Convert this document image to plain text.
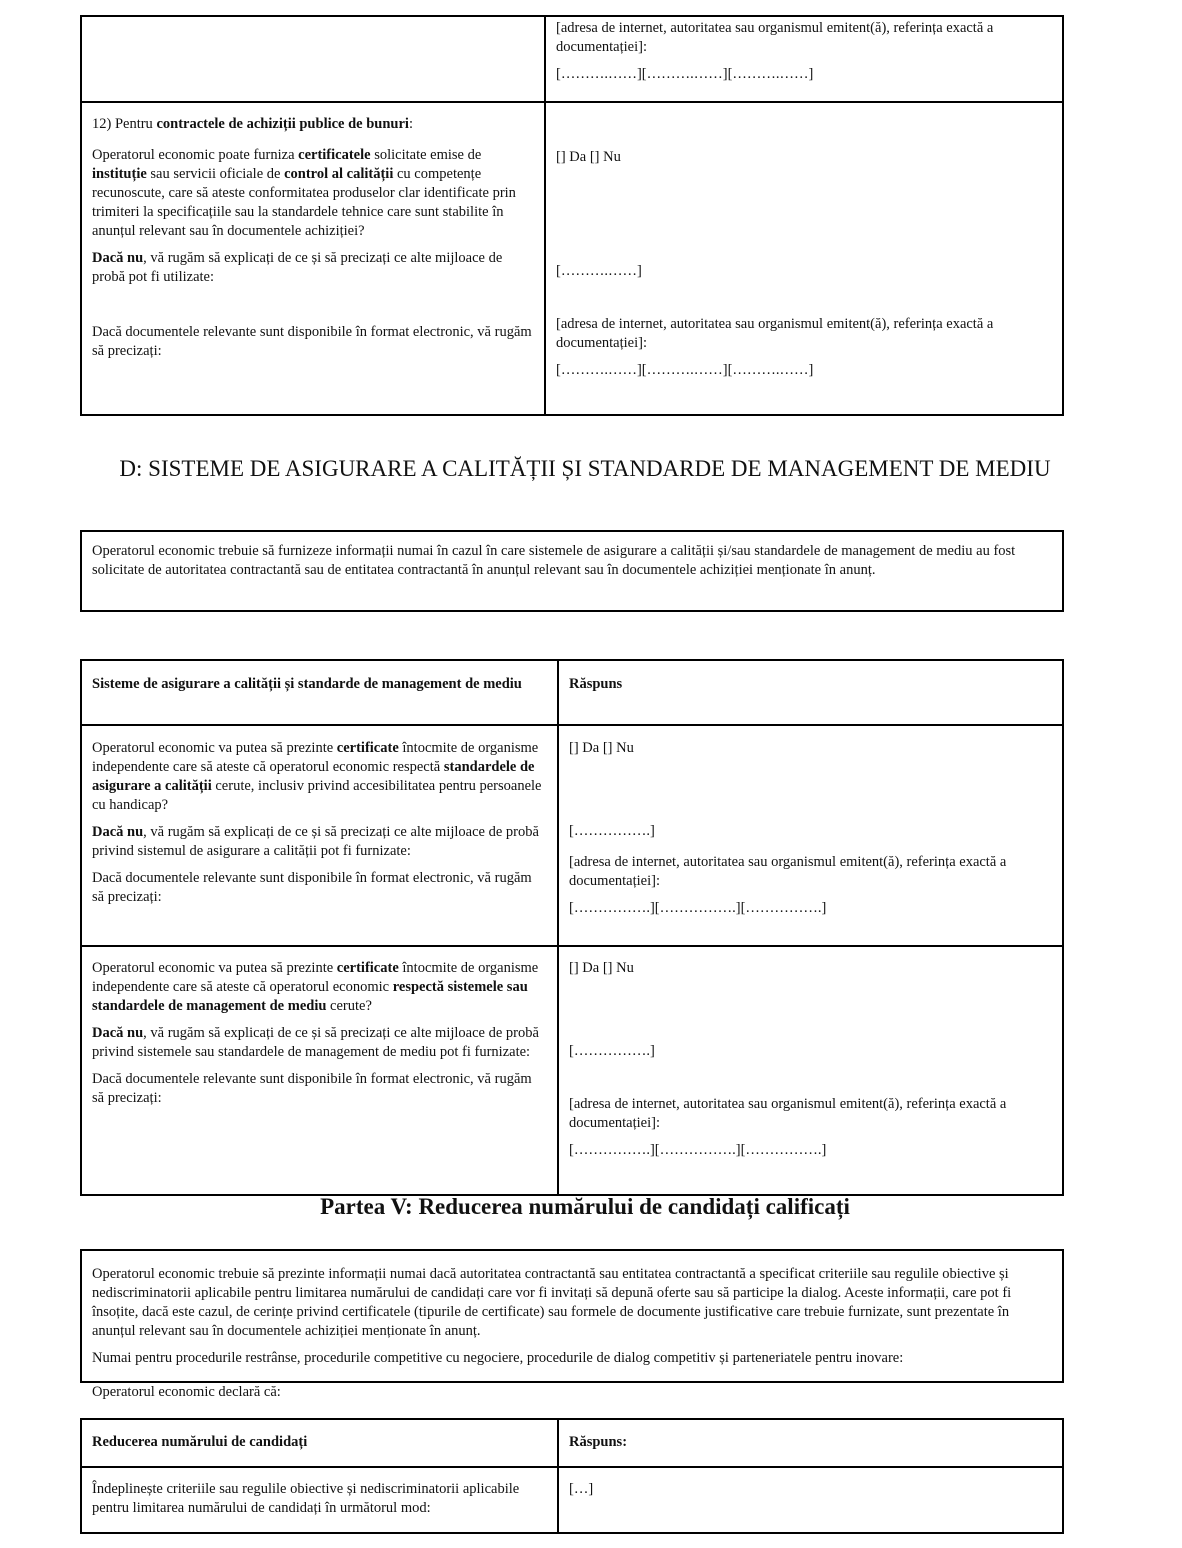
[adresa de internet, autoritatea sau organismul emitent(ă), referința exactă a documentației]:

[……….……][……….……][……….……]

12) Pentru contractele de achiziții publice de bunuri:

Operatorul economic poate furniza certificatele solicitate emise de instituție sau servicii oficiale de control al calității cu competențe recunoscute, care să ateste conformitatea produselor clar identificate prin trimiteri la specificațiile sau la standardele tehnice care sunt stabilite în anunțul relevant sau în documentele achiziției?

Dacă nu, vă rugăm să explicați de ce și să precizați ce alte mijloace de probă pot fi utilizate:

Dacă documentele relevante sunt disponibile în format electronic, vă rugăm să precizați:

[] Da [] Nu

[……….……]

[adresa de internet, autoritatea sau organismul emitent(ă), referința exactă a documentației]:

[……….……][……….……][……….……]

D: SISTEME DE ASIGURARE A CALITĂȚII ȘI STANDARDE DE MANAGEMENT DE MEDIU

Operatorul economic trebuie să furnizeze informații numai în cazul în care sistemele de asigurare a calității și/sau standardele de management de mediu au fost solicitate de autoritatea contractantă sau de entitatea contractantă în anunțul relevant sau în documentele achiziției menționate în anunț.

Sisteme de asigurare a calității și standarde de management de mediu	Răspuns

Operatorul economic va putea să prezinte certificate întocmite de organisme independente care să ateste că operatorul economic respectă standardele de asigurare a calității cerute, inclusiv privind accesibilitatea pentru persoanele cu handicap?

Dacă nu, vă rugăm să explicați de ce și să precizați ce alte mijloace de probă privind sistemul de asigurare a calității pot fi furnizate:

Dacă documentele relevante sunt disponibile în format electronic, vă rugăm să precizați:

[] Da [] Nu

[…………….]

[adresa de internet, autoritatea sau organismul emitent(ă), referința exactă a documentației]:

[…………….][…………….][…………….]

Operatorul economic va putea să prezinte certificate întocmite de organisme independente care să ateste că operatorul economic respectă sistemele sau standardele de management de mediu cerute?

Dacă nu, vă rugăm să explicați de ce și să precizați ce alte mijloace de probă privind sistemele sau standardele de management de mediu pot fi furnizate:

Dacă documentele relevante sunt disponibile în format electronic, vă rugăm să precizați:

[] Da [] Nu

[…………….]

[adresa de internet, autoritatea sau organismul emitent(ă), referința exactă a documentației]:

[…………….][…………….][…………….]

Partea V: Reducerea numărului de candidați calificați

Operatorul economic trebuie să prezinte informații numai dacă autoritatea contractantă sau entitatea contractantă a specificat criteriile sau regulile obiective și nediscriminatorii aplicabile pentru limitarea numărului de candidați care vor fi invitați să depună oferte sau să participe la dialog. Aceste informații, care pot fi însoțite, dacă este cazul, de cerințe privind certificatele (tipurile de certificate) sau formele de documente justificative care trebuie furnizate, sunt prezentate în anunțul relevant sau în documentele achiziției menționate în anunț.

Numai pentru procedurile restrânse, procedurile competitive cu negociere, procedurile de dialog competitiv și parteneriatele pentru inovare:

Operatorul economic declară că:
Reducerea numărului de candidați	Răspuns:

Îndeplinește criteriile sau regulile obiective și nediscriminatorii aplicabile pentru limitarea numărului de candidați în următorul mod:

[…]
